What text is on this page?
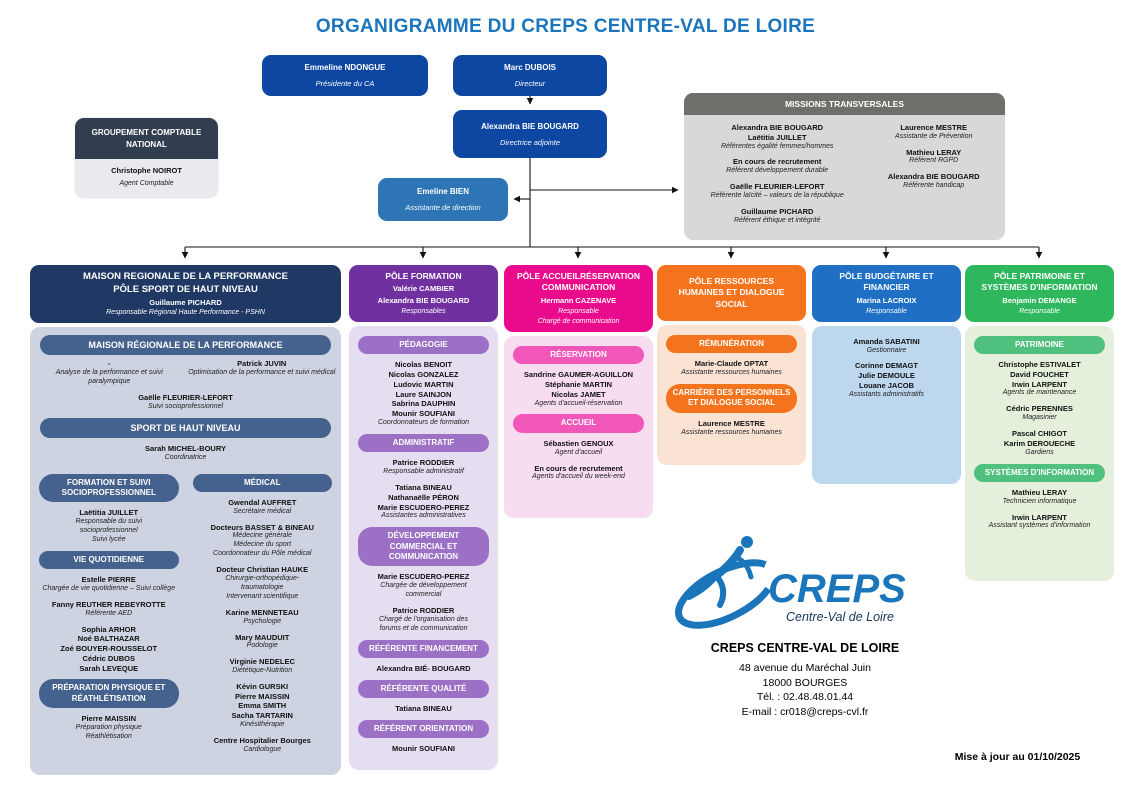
ORGANIGRAMME DU CREPS CENTRE-VAL DE LOIRE
Emmeline NDONGUE
Présidente du CA
Marc DUBOIS
Directeur
Alexandra BIE BOUGARD
Directrice adjointe
Emeline BIEN
Assistante de direction
GROUPEMENT COMPTABLE NATIONAL
Christophe NOIROT
Agent Comptable
MISSIONS TRANSVERSALES
Alexandra BIE BOUGARD
Laëtitia JUILLET
Référentes égalité femmes/hommes
En cours de recrutement
Référent développement durable
Gaëlle FLEURIER-LEFORT
Référente laïcité – valeurs de la république
Guillaume PICHARD
Référent éthique et intégrité
Laurence MESTRE
Assistante de Prévention
Mathieu LERAY
Référent RGPD
Alexandra BIE BOUGARD
Référente handicap
MAISON REGIONALE DE LA PERFORMANCE
PÔLE SPORT DE HAUT NIVEAU
Guillaume PICHARD
Responsable Régional Haute Performance - PSHN
MAISON RÉGIONALE DE LA PERFORMANCE
-
Analyse de la performance et suivi paralympique
Patrick JUVIN
Optimisation de la performance et suivi médical
Gaëlle FLEURIER-LEFORT
Suivi socioprofessionnel
SPORT DE HAUT NIVEAU
Sarah MICHEL-BOURY
Coordinatrice
FORMATION ET SUIVI SOCIOPROFESSIONNEL
Laëtitia JUILLET
Responsable du suivi
socioprofessionnel
Suivi lycée
VIE QUOTIDIENNE
Estelle PIERRE
Chargée de vie quotidienne – Suivi collège
Fanny REUTHER REBEYROTTE
Référente AED
Sophia ARHOR
Noé BALTHAZAR
Zoé BOUYER-ROUSSELOT
Cédric DUBOS
Sarah LEVEQUE
PRÉPARATION PHYSIQUE ET RÉATHLÉTISATION
Pierre MAISSIN
Préparation physique
Réathlétisation
MÉDICAL
Gwendal AUFFRET
Secrétaire médical
Docteurs BASSET & BINEAU
Médecine générale
Médecine du sport
Coordonnateur du Pôle médical
Docteur Christian HAUKE
Chirurgie-orthopédique-
traumatologie
Intervenant scientifique
Karine MENNETEAU
Psychologie
Mary MAUDUIT
Podologie
Virginie NEDELEC
Diététique-Nutrition
Kévin GURSKI
Pierre MAISSIN
Emma SMITH
Sacha TARTARIN
Kinésithérapie
Centre Hospitalier Bourges
Cardiologue
PÔLE FORMATION
Valérie CAMBIER
Alexandra BIE BOUGARD
Responsables
PÉDAGOGIE
Nicolas BENOIT
Nicolas GONZALEZ
Ludovic MARTIN
Laure SAINJON
Sabrina DAUPHIN
Mounir SOUFIANI
Coordonnateurs de formation
ADMINISTRATIF
Patrice RODDIER
Responsable administratif
Tatiana BINEAU
Nathanaëlle PÉRON
Marie ESCUDERO-PEREZ
Assistantes administratives
DÉVELOPPEMENT COMMERCIAL ET COMMUNICATION
Marie ESCUDERO-PEREZ
Chargée de développement
commercial
Patrice RODDIER
Chargé de l'organisation des
forums et de communication
RÉFÉRENTE FINANCEMENT
Alexandra BIÉ- BOUGARD
RÉFÉRENTE QUALITÉ
Tatiana BINEAU
RÉFÉRENT ORIENTATION
Mounir SOUFIANI
PÔLE ACCUEILRÉSERVATION
COMMUNICATION
Hermann CAZENAVE
Responsable
Chargé de communication
RÉSERVATION
Sandrine GAUMER-AGUILLON
Stéphanie MARTIN
Nicolas JAMET
Agents d'accueil-réservation
ACCUEIL
Sébastien GENOUX
Agent d'accueil
En cours de recrutement
Agents d'accueil du week-end
PÔLE RESSOURCES
HUMAINES ET DIALOGUE
SOCIAL
RÉMUNÉRATION
Marie-Claude OPTAT
Assistante ressources humaines
CARRIÈRE DES PERSONNELS ET DIALOGUE SOCIAL
Laurence MESTRE
Assistante ressources humaines
PÔLE BUDGÉTAIRE ET
FINANCIER
Marina LACROIX
Responsable
Amanda SABATINI
Gestionnaire
Corinne DEMAGT
Julie DEMOULE
Louane JACOB
Assistants administratifs
PÔLE PATRIMOINE ET
SYSTÈMES D'INFORMATION
Benjamin DEMANGE
Responsable
PATRIMOINE
Christophe ESTIVALET
David FOUCHET
Irwin LARPENT
Agents de maintenance
Cédric PERENNES
Magasinier
Pascal CHIGOT
Karim DEROUECHE
Gardiens
SYSTÈMES D'INFORMATION
Mathieu LERAY
Technicien informatique
Irwin LARPENT
Assistant systèmes d'information
CREPS
Centre-Val de Loire
CREPS CENTRE-VAL DE LOIRE
48 avenue du Maréchal Juin
18000 BOURGES
Tél. : 02.48.48.01.44
E-mail : cr018@creps-cvl.fr
Mise à jour au 01/10/2025
